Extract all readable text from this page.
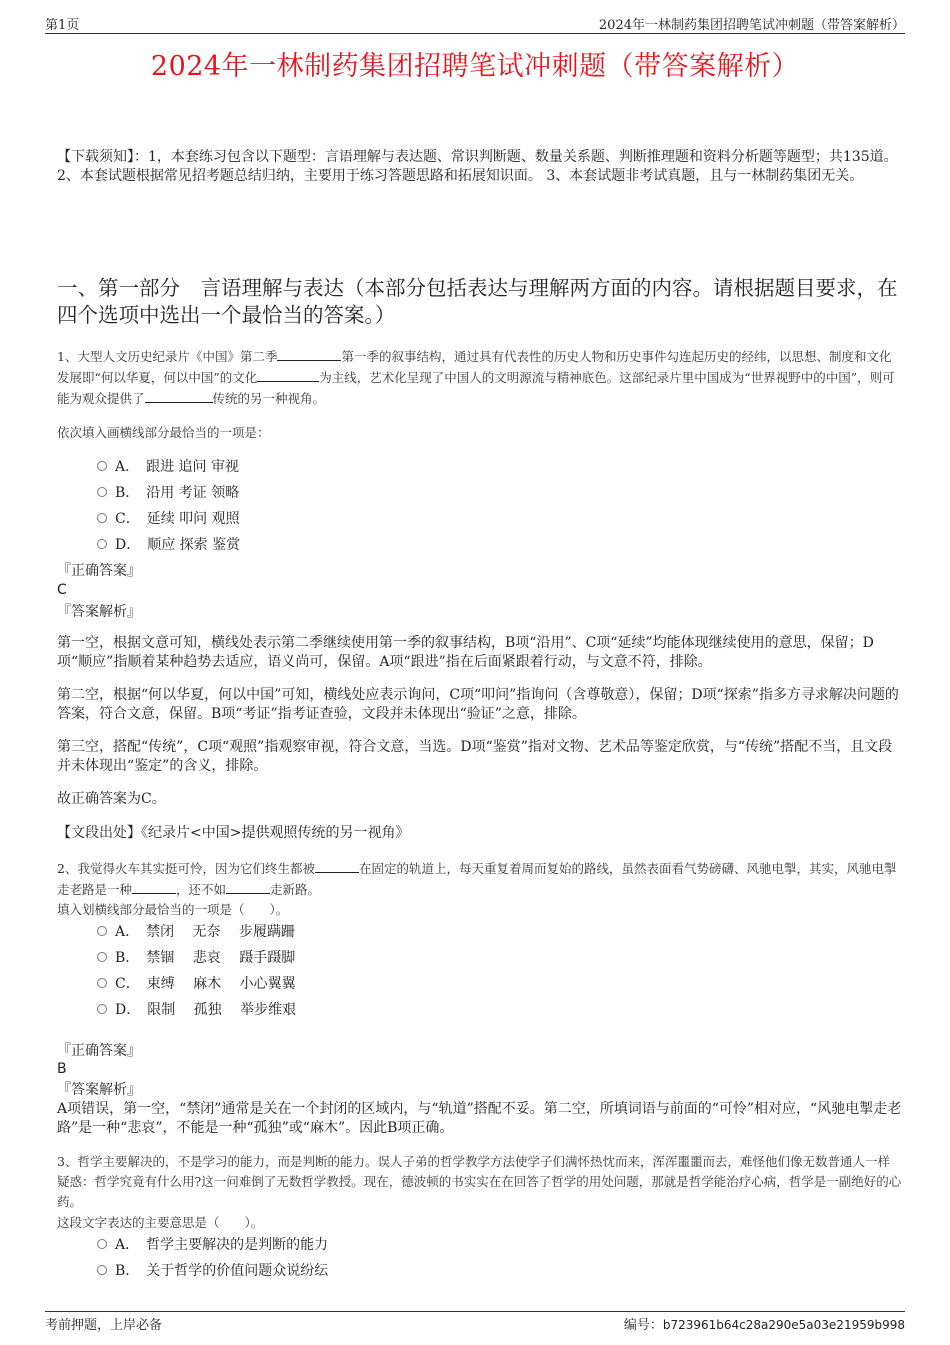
第1页	2024年一林制药集团招聘笔试冲刺题（带答案解析）
2024年一林制药集团招聘笔试冲刺题（带答案解析）
【下载须知】：1，本套练习包含以下题型：言语理解与表达题、常识判断题、数量关系题、判断推理题和资料分析题等题型；共135道。 2、本套试题根据常见招考题总结归纳，主要用于练习答题思路和拓展知识面。 3、本套试题非考试真题，且与一林制药集团无关。
一、第一部分　言语理解与表达（本部分包括表达与理解两方面的内容。请根据题目要求，在四个选项中选出一个最恰当的答案。）
1、大型人文历史纪录片《中国》第二季	第一季的叙事结构，通过具有代表性的历史人物和历史事件勾连起历史的经纬，以思想、制度和文化发展即“何以华夏，何以中国”的文化	为主线，艺术化呈现了中国人的文明源流与精神底色。这部纪录片里中国成为“世界视野中的中国”，则可能为观众提供了	传统的另一种视角。
依次填入画横线部分最恰当的一项是：
A．　跟进 追问 审视
B．　沿用 考证 领略
C．　延续 叩问 观照
D．　顺应 探索 鉴赏
『正确答案』
C
『答案解析』
第一空，根据文意可知，横线处表示第二季继续使用第一季的叙事结构，B项“沿用”、C项“延续”均能体现继续使用的意思，保留；D项“顺应”指顺着某种趋势去适应，语义尚可，保留。A项“跟进”指在后面紧跟着行动，与文意不符，排除。
第二空，根据“何以华夏，何以中国”可知，横线处应表示询问，C项“叩问”指询问（含尊敬意），保留；D项“探索”指多方寻求解决问题的答案，符合文意，保留。B项“考证”指考证查验，文段并未体现出“验证”之意，排除。
第三空，搭配“传统”，C项“观照”指观察审视，符合文意，当选。D项“鉴赏”指对文物、艺术品等鉴定欣赏，与“传统”搭配不当，且文段并未体现出“鉴定”的含义，排除。
故正确答案为C。
【文段出处】《纪录片<中国>提供观照传统的另一视角》
2、我觉得火车其实挺可怜，因为它们终生都被	在固定的轨道上，每天重复着周而复始的路线，虽然表面看气势磅礴、风驰电掣，其实，风驰电掣走老路是一种	，还不如	走新路。
填入划横线部分最恰当的一项是（　　）。
A．　禁闭　 无奈　 步履蹒跚
B．　禁锢　 悲哀　 蹑手蹑脚
C．　束缚　 麻木　 小心翼翼
D．　限制　 孤独　 举步维艰
『正确答案』
B
『答案解析』
A项错误，第一空，“禁闭”通常是关在一个封闭的区域内，与“轨道”搭配不妥。第二空，所填词语与前面的“可怜”相对应，“风驰电掣走老路”是一种“悲哀”，不能是一种“孤独”或“麻木”。因此B项正确。
3、哲学主要解决的，不是学习的能力，而是判断的能力。误人子弟的哲学教学方法使学子们满怀热忱而来，浑浑噩噩而去，难怪他们像无数普通人一样疑惑：哲学究竟有什么用?这一问难倒了无数哲学教授。现在，德波顿的书实实在在回答了哲学的用处问题，那就是哲学能治疗心病，哲学是一副绝好的心药。
这段文字表达的主要意思是（　　）。
A．　哲学主要解决的是判断的能力
B．　关于哲学的价值问题众说纷纭
考前押题，上岸必备	编号：b723961b64c28a290e5a03e21959b998
